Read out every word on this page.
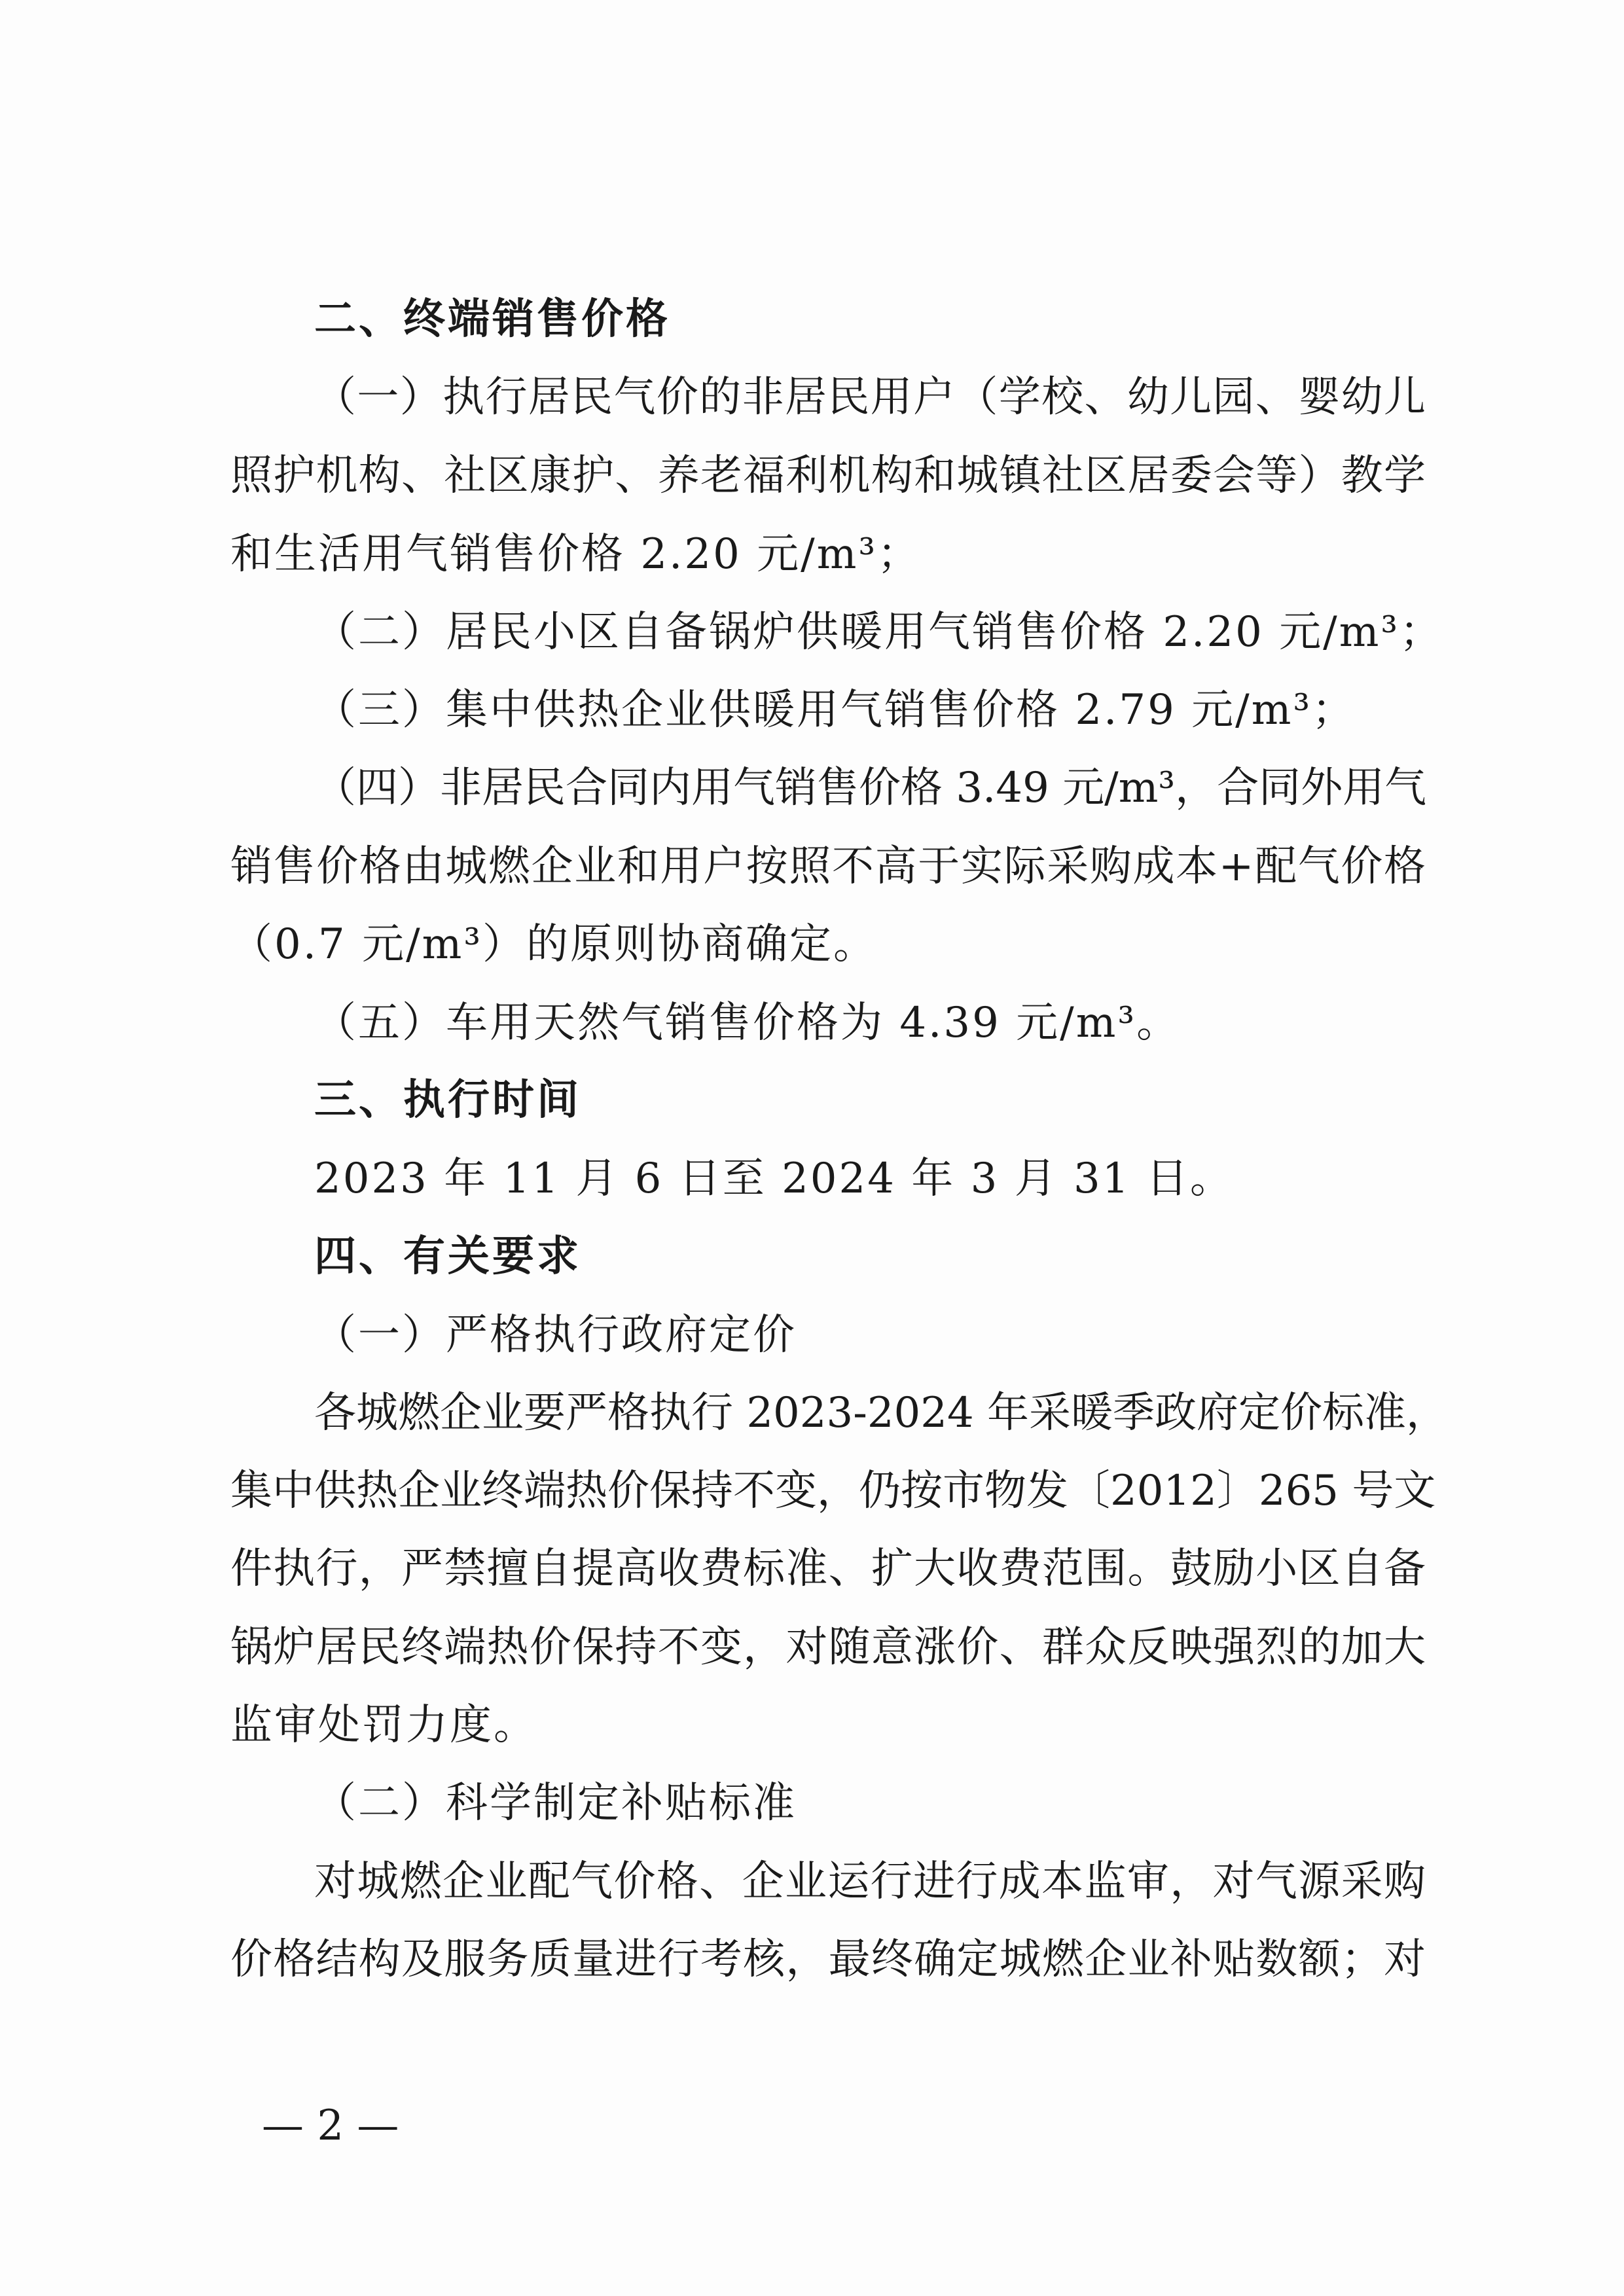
二、终端销售价格
（一）执行居民气价的非居民用户（学校、幼儿园、婴幼儿
照护机构、社区康护、养老福利机构和城镇社区居委会等）教学
和生活用气销售价格 2.20 元/m³；
（二）居民小区自备锅炉供暖用气销售价格 2.20 元/m³；
（三）集中供热企业供暖用气销售价格 2.79 元/m³；
（四）非居民合同内用气销售价格 3.49 元/m³，合同外用气
销售价格由城燃企业和用户按照不高于实际采购成本+配气价格
（0.7 元/m³）的原则协商确定。
（五）车用天然气销售价格为 4.39 元/m³。
三、执行时间
2023 年 11 月 6 日至 2024 年 3 月 31 日。
四、有关要求
（一）严格执行政府定价
各城燃企业要严格执行 2023-2024 年采暖季政府定价标准，
集中供热企业终端热价保持不变，仍按市物发〔2012〕265 号文
件执行，严禁擅自提高收费标准、扩大收费范围。鼓励小区自备
锅炉居民终端热价保持不变，对随意涨价、群众反映强烈的加大
监审处罚力度。
（二）科学制定补贴标准
对城燃企业配气价格、企业运行进行成本监审，对气源采购
价格结构及服务质量进行考核，最终确定城燃企业补贴数额；对
— 2 —
